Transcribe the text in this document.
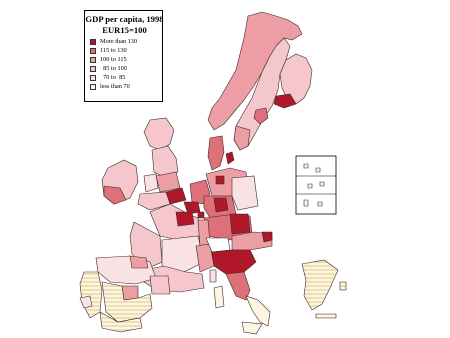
GDP per capita, 1998
EUR15=100
More than 130
115 to 130
100 to 115
85 to 100
70 to  85
less than 70
